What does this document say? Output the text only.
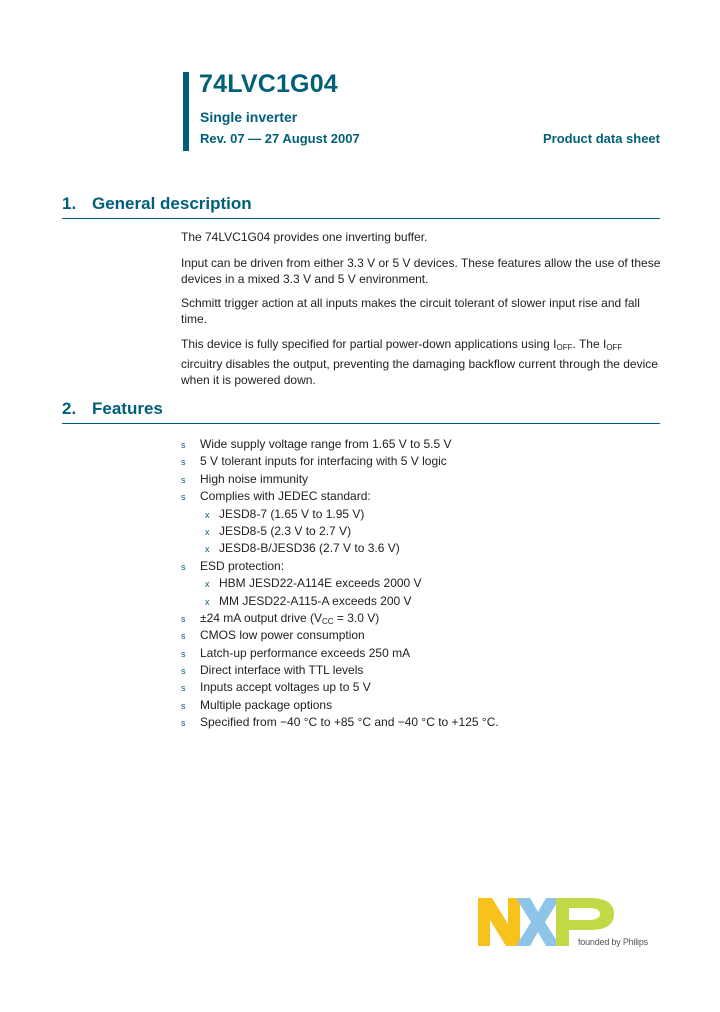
74LVC1G04
Single inverter
Rev. 07 — 27 August 2007	Product data sheet
1. General description
The 74LVC1G04 provides one inverting buffer.
Input can be driven from either 3.3 V or 5 V devices. These features allow the use of these
devices in a mixed 3.3 V and 5 V environment.
Schmitt trigger action at all inputs makes the circuit tolerant of slower input rise and fall
time.
This device is fully specified for partial power-down applications using $I_{OFF}$. The $I_{OFF}$
circuitry disables the output, preventing the damaging backflow current through the device
when it is powered down.
2. Features
s Wide supply voltage range from 1.65 V to 5.5 V
s 5 V tolerant inputs for interfacing with 5 V logic
s High noise immunity
s Complies with JEDEC standard:
x JESD8-7 (1.65 V to 1.95 V)
x JESD8-5 (2.3 V to 2.7 V)
x JESD8-B/JESD36 (2.7 V to 3.6 V)
s ESD protection:
x HBM JESD22-A114E exceeds 2000 V
x MM JESD22-A115-A exceeds 200 V
s ±24 mA output drive ($V_{CC} = 3.0$ V)
s CMOS low power consumption
s Latch-up performance exceeds 250 mA
s Direct interface with TTL levels
s Inputs accept voltages up to 5 V
s Multiple package options
s Specified from −40 °C to +85 °C and −40 °C to +125 °C.
founded by Philips
